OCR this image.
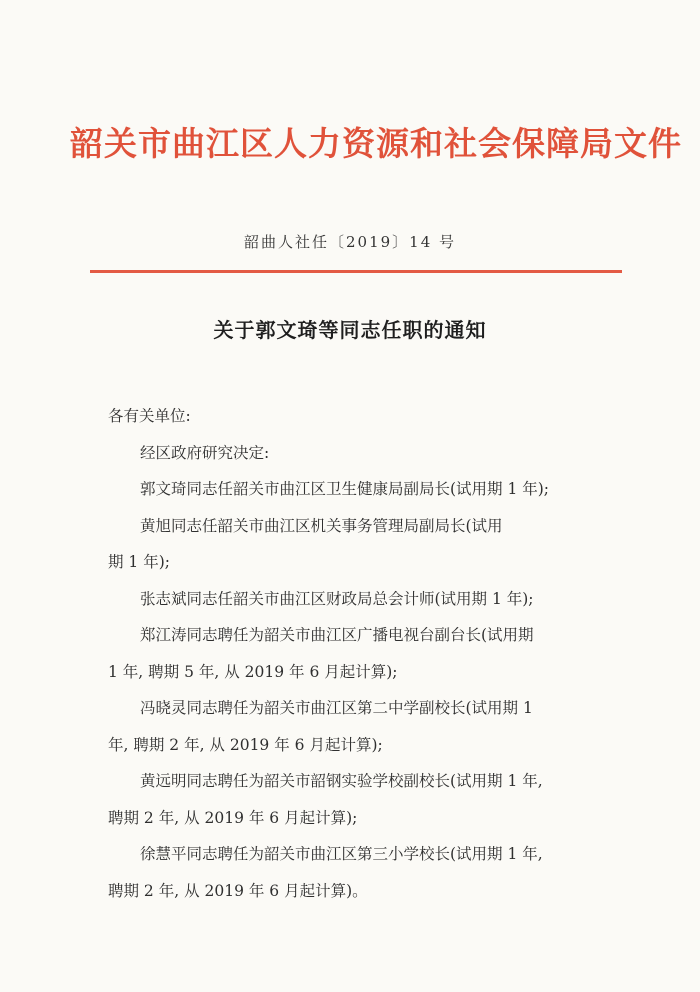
韶关市曲江区人力资源和社会保障局文件
韶曲人社任〔2019〕14 号
关于郭文琦等同志任职的通知
各有关单位:
经区政府研究决定:
郭文琦同志任韶关市曲江区卫生健康局副局长(试用期 1 年);
黄旭同志任韶关市曲江区机关事务管理局副局长(试用
期 1 年);
张志斌同志任韶关市曲江区财政局总会计师(试用期 1 年);
郑江涛同志聘任为韶关市曲江区广播电视台副台长(试用期
1 年, 聘期 5 年, 从 2019 年 6 月起计算);
冯晓灵同志聘任为韶关市曲江区第二中学副校长(试用期 1
年, 聘期 2 年, 从 2019 年 6 月起计算);
黄远明同志聘任为韶关市韶钢实验学校副校长(试用期 1 年,
聘期 2 年, 从 2019 年 6 月起计算);
徐慧平同志聘任为韶关市曲江区第三小学校长(试用期 1 年,
聘期 2 年, 从 2019 年 6 月起计算)。
